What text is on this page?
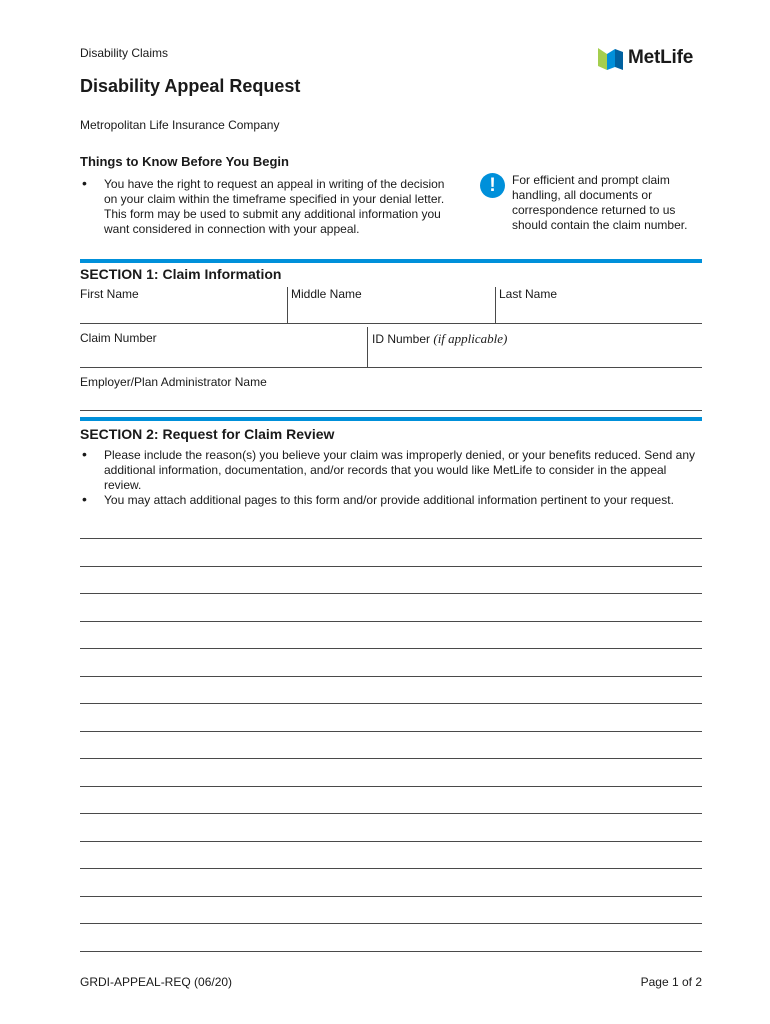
Disability Claims	MetLife
Disability Appeal Request
Metropolitan Life Insurance Company
Things to Know Before You Begin
• You have the right to request an appeal in writing of the decision on your claim within the timeframe specified in your denial letter. This form may be used to submit any additional information you want considered in connection with your appeal.
!	For efficient and prompt claim handling, all documents or correspondence returned to us should contain the claim number.
SECTION 1: Claim Information
First Name	Middle Name	Last Name
Claim Number	ID Number (if applicable)
Employer/Plan Administrator Name
SECTION 2: Request for Claim Review
• Please include the reason(s) you believe your claim was improperly denied, or your benefits reduced. Send any additional information, documentation, and/or records that you would like MetLife to consider in the appeal review.
• You may attach additional pages to this form and/or provide additional information pertinent to your request.
GRDI-APPEAL-REQ (06/20)	Page 1 of 2
